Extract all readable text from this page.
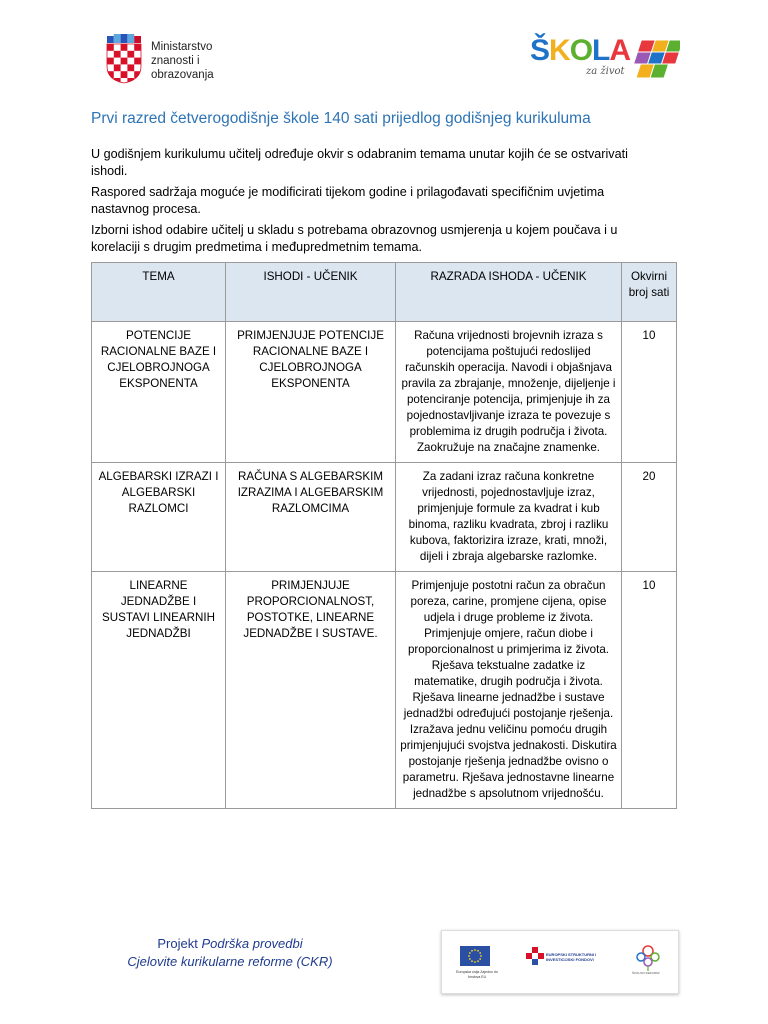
Ministarstvo
znanosti i
obrazovanja
ŠKOLA
za život
Prvi razred četverogodišnje škole 140 sati prijedlog godišnjeg kurikuluma

U godišnjem kurikulumu učitelj određuje okvir s odabranim temama unutar kojih će se ostvarivati ishodi.

Raspored sadržaja moguće je modificirati tijekom godine i prilagođavati specifičnim uvjetima nastavnog procesa.

Izborni ishod odabire učitelj u skladu s potrebama obrazovnog usmjerenja u kojem poučava i u korelaciji s drugim predmetima i međupredmetnim temama.

TEMA	ISHODI - UČENIK	RAZRADA ISHODA - UČENIK	Okvirni broj sati
POTENCIJE RACIONALNE BAZE I CJELOBROJNOGA EKSPONENTA	PRIMJENJUJE POTENCIJE RACIONALNE BAZE I CJELOBROJNOGA EKSPONENTA	Računa vrijednosti brojevnih izraza s potencijama poštujući redoslijed računskih operacija. Navodi i objašnjava pravila za zbrajanje, množenje, dijeljenje i potenciranje potencija, primjenjuje ih za pojednostavljivanje izraza te povezuje s problemima iz drugih područja i života. Zaokružuje na značajne znamenke.	10
ALGEBARSKI IZRAZI I ALGEBARSKI RAZLOMCI	RAČUNA S ALGEBARSKIM IZRAZIMA I ALGEBARSKIM RAZLOMCIMA	Za zadani izraz računa konkretne vrijednosti, pojednostavljuje izraz, primjenjuje formule za kvadrat i kub binoma, razliku kvadrata, zbroj i razliku kubova, faktorizira izraze, krati, množi, dijeli i zbraja algebarske razlomke.	20
LINEARNE JEDNADŽBE I SUSTAVI LINEARNIH JEDNADŽBI	PRIMJENJUJE PROPORCIONALNOST, POSTOTKE, LINEARNE JEDNADŽBE I SUSTAVE.	Primjenjuje postotni račun za obračun poreza, carine, promjene cijena, opise udjela i druge probleme iz života. Primjenjuje omjere, račun diobe i proporcionalnost u primjerima iz života. Rješava tekstualne zadatke iz matematike, drugih područja i života. Rješava linearne jednadžbe i sustave jednadžbi određujući postojanje rješenja. Izražava jednu veličinu pomoću drugih primjenjujući svojstva jednakosti. Diskutira postojanje rješenja jednadžbe ovisno o parametru. Rješava jednostavne linearne jednadžbe s apsolutnom vrijednošću.	10
Projekt Podrška provedbi
Cjelovite kurikularne reforme (CKR)
Europska unija Zajedno do fondova EU
EUROPSKI STRUKTURNI I INVESTICIJSKI FONDOVI
ŠKOLSKI REFORMI
